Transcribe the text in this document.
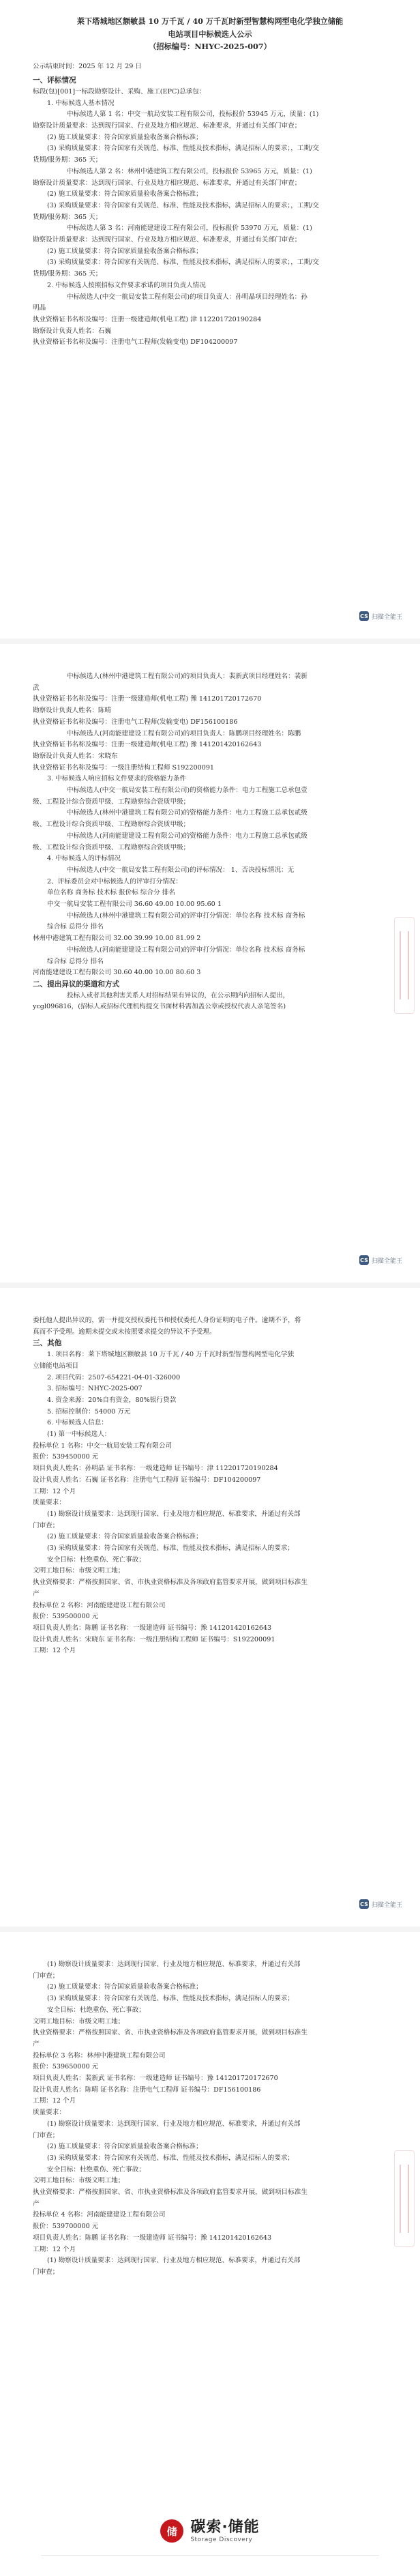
莱下塔城地区额敏县 10 万千瓦 / 40 万千瓦时新型智慧构网型电化学独立储能
电站项目中标候选人公示
（招标编号：NHYC-2025-007）
公示结束时间：2025 年 12 月 29 日
一、评标情况
标段(包)[001]一标段勘察设计、采购、施工(EPC)总承包：
1. 中标候选人基本情况
中标候选人第 1 名：中交一航局安装工程有限公司，投标报价 53945 万元，质量：(1)
勘察设计质量要求：达到现行国家、行业及地方相应规范、标准要求，并通过有关部门审查；
(2) 施工质量要求：符合国家质量验收备案合格标准；
(3) 采购质量要求：符合国家有关规范、标准、性能及技术指标，满足招标人的要求；，工期/交
货期/服务期：365 天；
中标候选人第 2 名：林州中港建筑工程有限公司，投标报价 53965 万元，质量：(1)
勘察设计质量要求：达到现行国家、行业及地方相应规范、标准要求，并通过有关部门审查；
(2) 施工质量要求：符合国家质量验收备案合格标准；
(3) 采购质量要求：符合国家有关规范、标准、性能及技术指标，满足招标人的要求；，工期/交
货期/服务期：365 天；
中标候选人第 3 名：河南能建建设工程有限公司，投标报价 53970 万元，质量：(1)
勘察设计质量要求：达到现行国家、行业及地方相应规范、标准要求，并通过有关部门审查；
(2) 施工质量要求：符合国家质量验收备案合格标准；
(3) 采购质量要求：符合国家有关规范、标准、性能及技术指标，满足招标人的要求；，工期/交
货期/服务期：365 天；
2. 中标候选人按照招标文件要求承诺的项目负责人情况
中标候选人(中交一航局安装工程有限公司)的项目负责人：孙明晶项目经理姓名：孙
明晶
执业资格证书名称及编号：注册一级建造师(机电工程) 津 112201720190284
勘察设计负责人姓名：石巍
执业资格证书名称及编号：注册电气工程师(发输变电) DF104200097
CS 扫描全能王
中标候选人(林州中港建筑工程有限公司)的项目负责人：裴新武项目经理姓名：裴新
武
执业资格证书名称及编号：注册一级建造师(机电工程) 豫 141201720172670
勘察设计负责人姓名：陈晴
执业资格证书名称及编号：注册电气工程师(发输变电) DF156100186
中标候选人(河南能建建设工程有限公司)的项目负责人：陈鹏项目经理姓名：陈鹏
执业资格证书名称及编号：注册一级建造师(机电工程) 豫 141201420162643
勘察设计负责人姓名：宋晓东
执业资格证书名称及编号：一级注册结构工程师 S192200091
3. 中标候选人响应招标文件要求的资格能力条件
中标候选人(中交一航局安装工程有限公司)的资格能力条件：电力工程施工总承包壹
级、工程设计综合资质甲级、工程勘察综合资质甲级；
中标候选人(林州中港建筑工程有限公司)的资格能力条件：电力工程施工总承包贰级
级、工程设计综合资质甲级、工程勘察综合资质甲级；
中标候选人(河南能建建设工程有限公司)的资格能力条件：电力工程施工总承包贰级
级、工程设计综合资质甲级、工程勘察综合资质甲级；
4. 中标候选人的评标情况
中标候选人(中交一航局安装工程有限公司)的评标情况： 1、否决投标情况：无
2、评标委员会对中标候选人的评审打分情况：
单位名称 商务标 技术标 报价标 综合分 排名
中交一航局安装工程有限公司 36.60 49.00 10.00 95.60 1
中标候选人(林州中港建筑工程有限公司)的评审打分情况：单位名称 技术标 商务标
综合标 总得分 排名
林州中港建筑工程有限公司 32.00 39.99 10.00 81.99 2
中标候选人(河南能建建设工程有限公司)的评审打分情况：单位名称 技术标 商务标
综合标 总得分 排名
河南能建建设工程有限公司 30.60 40.00 10.00 80.60 3
二、提出异议的渠道和方式
投标人或者其他利害关系人对招标结果有异议的，在公示期内向招标人提出，
ycgl096816，(招标人或招标代理机构提交书面材料需加盖公章或授权代表人亲笔签名)
CS 扫描全能王
委托他人提出异议的，需一并提交授权委托书和授权委托人身份证明的电子件。逾期不予，将
真而不予受理。逾期未提交或未按照要求提交的异议不予受理。
三、其他
1. 项目名称：莱下塔城地区额敏县 10 万千瓦 / 40 万千瓦时新型智慧构网型电化学独
立储能电站项目
2. 项目代码：2507-654221-04-01-326000
3. 招标编号：NHYC-2025-007
4. 资金来源：20%自有资金，80%银行贷款
5. 招标控制价：54000 万元
6. 中标候选人信息：
(1) 第一中标候选人：
投标单位 1 名称：中交一航局安装工程有限公司
报价：539450000 元
项目负责人姓名：孙明晶 证书名称：一级建造师 证书编号：津 112201720190284
设计负责人姓名：石巍 证书名称：注册电气工程师 证书编号：DF104200097
工期：12 个月
质量要求：
(1) 勘察设计质量要求：达到现行国家、行业及地方相应规范、标准要求，并通过有关部
门审查；
(2) 施工质量要求：符合国家质量验收备案合格标准；
(3) 采购质量要求：符合国家有关规范、标准、性能及技术指标，满足招标人的要求；
安全目标：杜绝重伤、死亡事故；
文明工地目标：市级文明工地；
执业资格要求：严格按照国家、省、市执业资格标准及各项政府监管要求开展，做到项目标准生
产
投标单位 2 名称：河南能建建设工程有限公司
报价：539500000 元
项目负责人姓名：陈鹏 证书名称：一级建造师 证书编号：豫 141201420162643
设计负责人姓名：宋晓东 证书名称：一级注册结构工程师 证书编号：S192200091
工期：12 个月
CS 扫描全能王
(1) 勘察设计质量要求：达到现行国家、行业及地方相应规范、标准要求，并通过有关部
门审查；
(2) 施工质量要求：符合国家质量验收备案合格标准；
(3) 采购质量要求：符合国家有关规范、标准、性能及技术指标，满足招标人的要求；
安全目标：杜绝重伤、死亡事故；
文明工地目标：市级文明工地；
执业资格要求：严格按照国家、省、市执业资格标准及各项政府监管要求开展，做到项目标准生
产
投标单位 3 名称：林州中港建筑工程有限公司
报价：539650000 元
项目负责人姓名：裴新武 证书名称：一级建造师 证书编号：豫 141201720172670
设计负责人姓名：陈晴 证书名称：注册电气工程师 证书编号：DF156100186
工期：12 个月
质量要求：
(1) 勘察设计质量要求：达到现行国家、行业及地方相应规范、标准要求，并通过有关部
门审查；
(2) 施工质量要求：符合国家质量验收备案合格标准；
(3) 采购质量要求：符合国家有关规范、标准、性能及技术指标，满足招标人的要求；
安全目标：杜绝重伤、死亡事故；
文明工地目标：市级文明工地；
执业资格要求：严格按照国家、省、市执业资格标准及各项政府监管要求开展，做到项目标准生
产
投标单位 4 名称：河南能建建设工程有限公司
报价：539700000 元
项目负责人姓名：陈鹏 证书名称：一级建造师 证书编号：豫 141201420162643
工期：12 个月
(1) 勘察设计质量要求：达到现行国家、行业及地方相应规范、标准要求，并通过有关部
门审查；
储 碳索·储能
Storage Discovery
